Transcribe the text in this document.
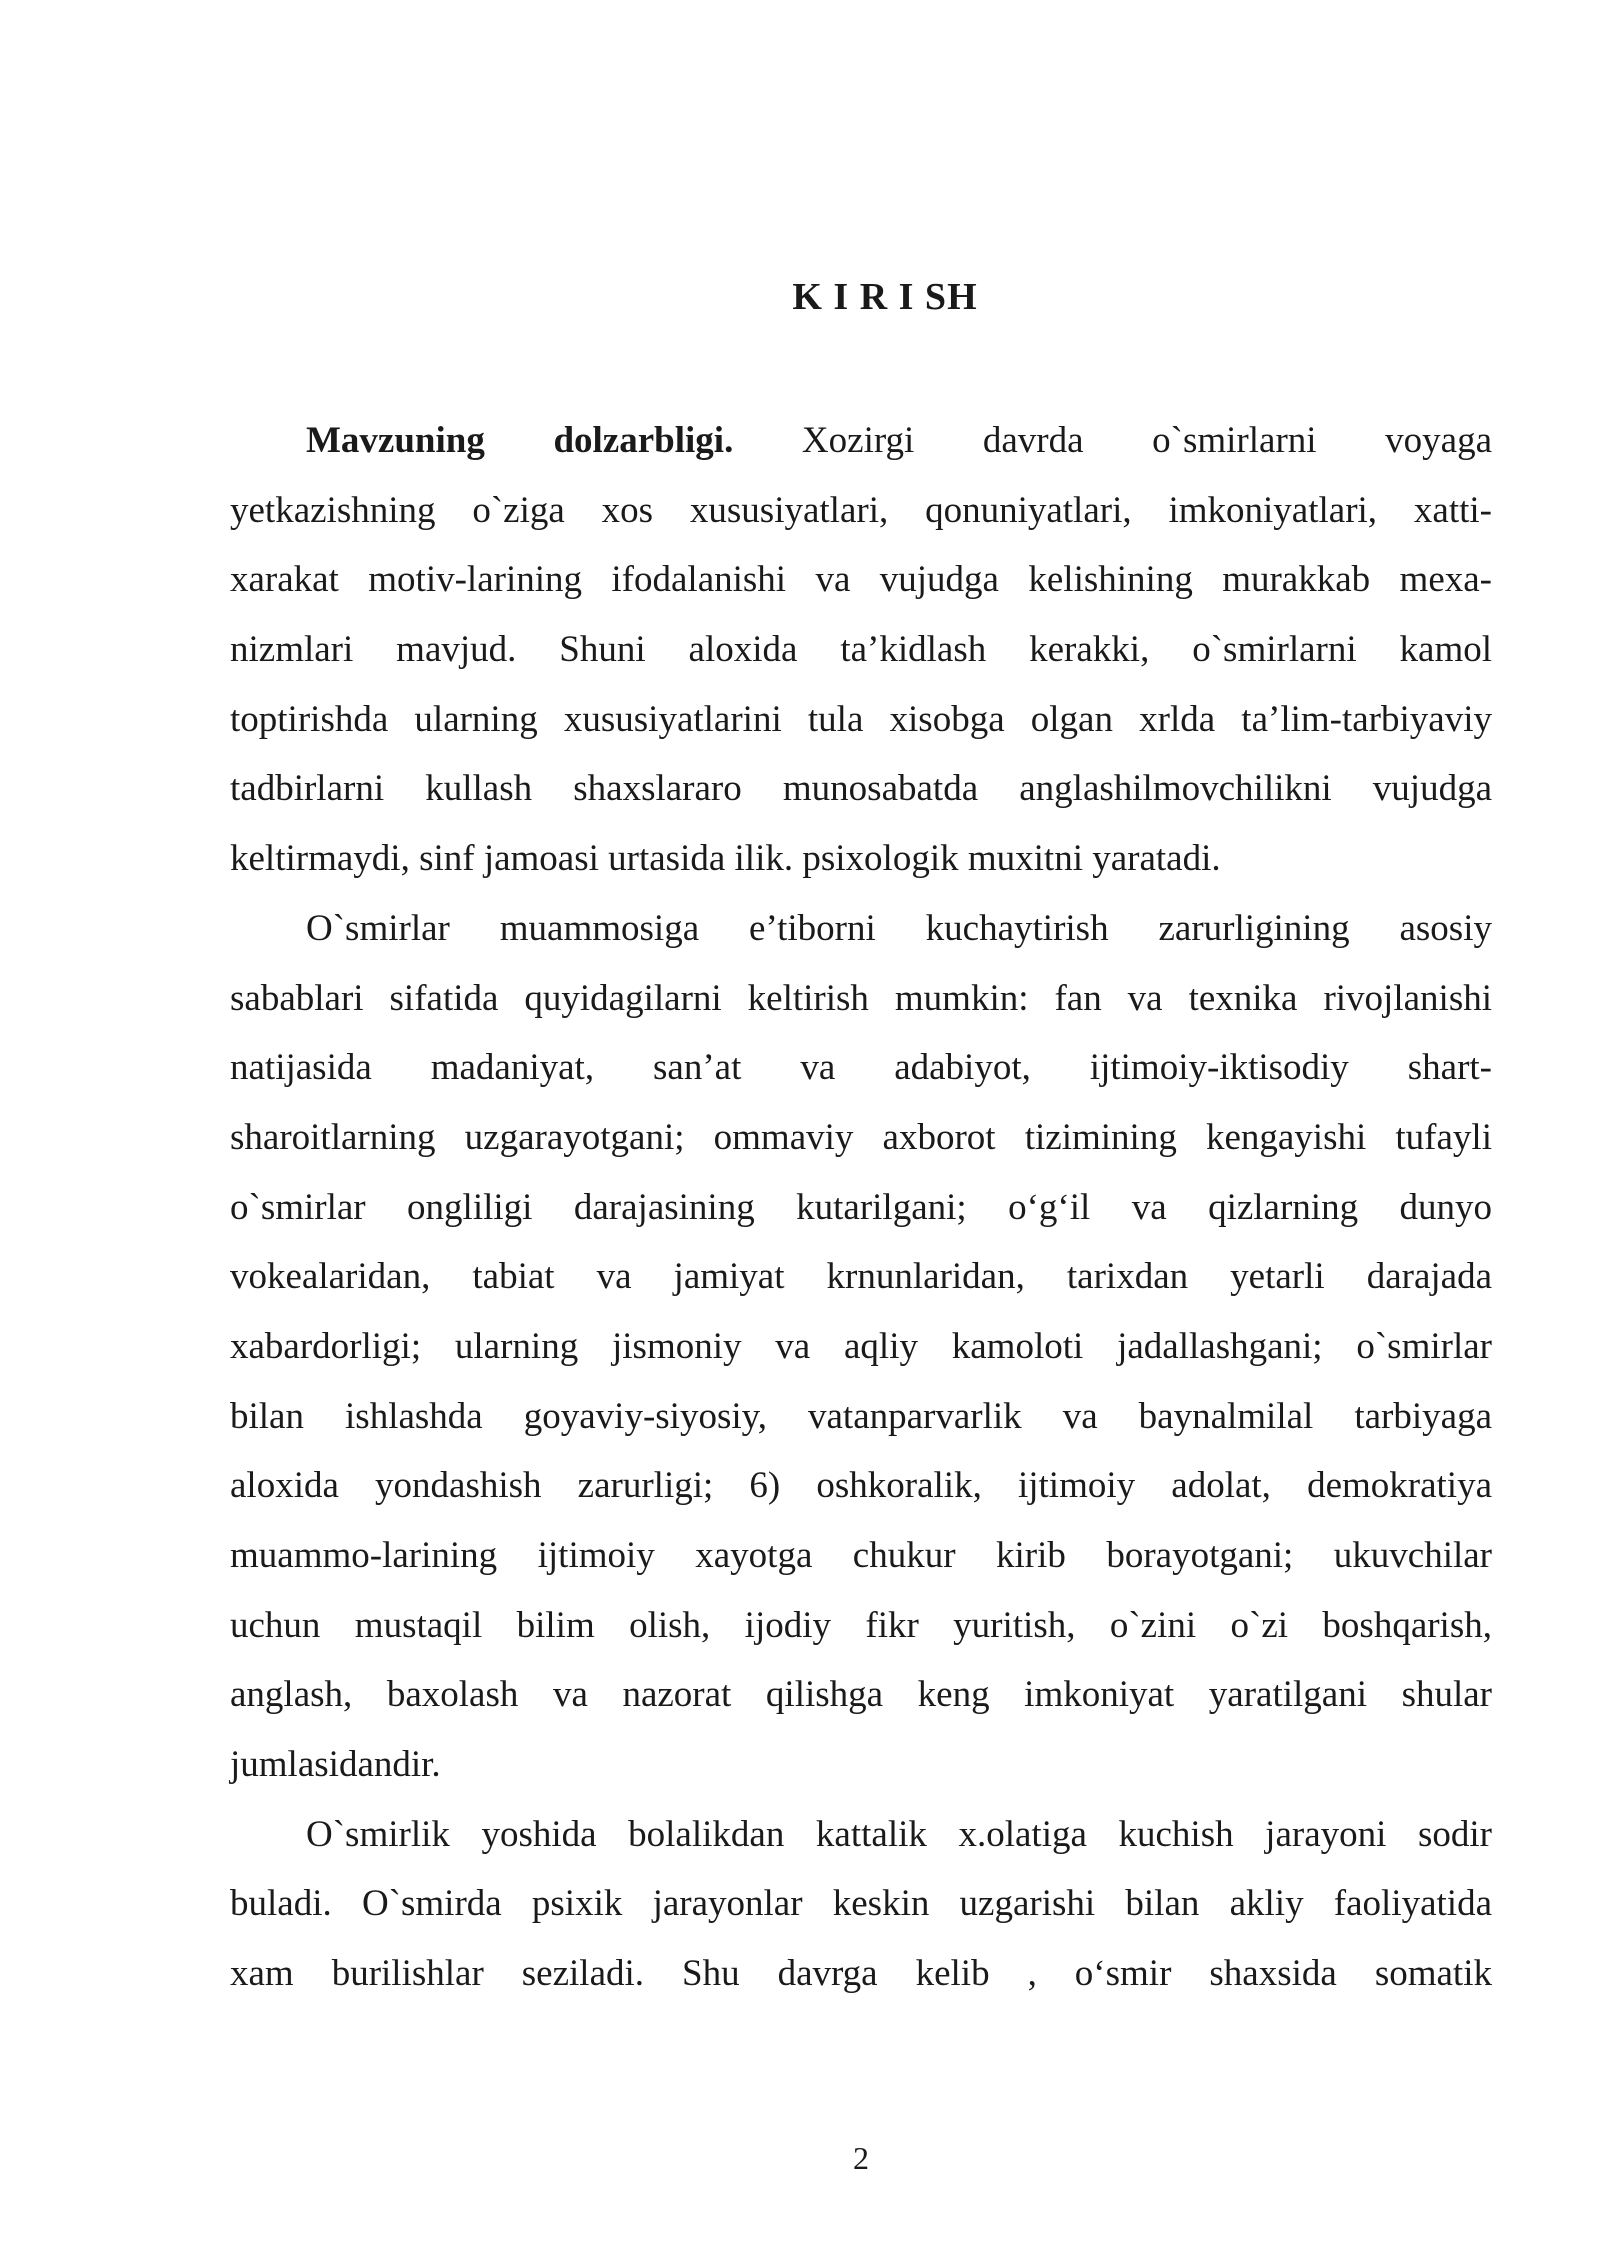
K I R I SH
Mavzuning dolzarbligi. Xozirgi davrda o`smirlarni voyaga
yetkazishning o`ziga xos xususiyatlari, qonuniyatlari, imkoniyatlari, xatti-
xarakat motiv-larining ifodalanishi va vujudga kelishining murakkab mexa-
nizmlari mavjud. Shuni aloxida ta’kidlash kerakki, o`smirlarni kamol
toptirishda ularning xususiyatlarini tula xisobga olgan xrlda ta’lim-tarbiyaviy
tadbirlarni kullash shaxslararo munosabatda anglashilmovchilikni vujudga
keltirmaydi, sinf jamoasi urtasida ilik. psixologik muxitni yaratadi.
O`smirlar muammosiga e’tiborni kuchaytirish zarurligining asosiy
sabablari sifatida quyidagilarni keltirish mumkin: fan va texnika rivojlanishi
natijasida madaniyat, san’at va adabiyot, ijtimoiy-iktisodiy shart-
sharoitlarning uzgarayotgani; ommaviy axborot tizimining kengayishi tufayli
o`smirlar ongliligi darajasining kutarilgani; o‘g‘il va qizlarning dunyo
vokealaridan, tabiat va jamiyat krnunlaridan, tarixdan yetarli darajada
xabardorligi; ularning jismoniy va aqliy kamoloti jadallashgani; o`smirlar
bilan ishlashda goyaviy-siyosiy, vatanparvarlik va baynalmilal tarbiyaga
aloxida yondashish zarurligi; 6) oshkoralik, ijtimoiy adolat, demokratiya
muammo-larining ijtimoiy xayotga chukur kirib borayotgani; ukuvchilar
uchun mustaqil bilim olish, ijodiy fikr yuritish, o`zini o`zi boshqarish,
anglash, baxolash va nazorat qilishga keng imkoniyat yaratilgani shular
jumlasidandir.
O`smirlik yoshida bolalikdan kattalik x.olatiga kuchish jarayoni sodir
buladi. O`smirda psixik jarayonlar keskin uzgarishi bilan akliy faoliyatida
xam burilishlar seziladi. Shu davrga kelib , o‘smir shaxsida somatik
2
